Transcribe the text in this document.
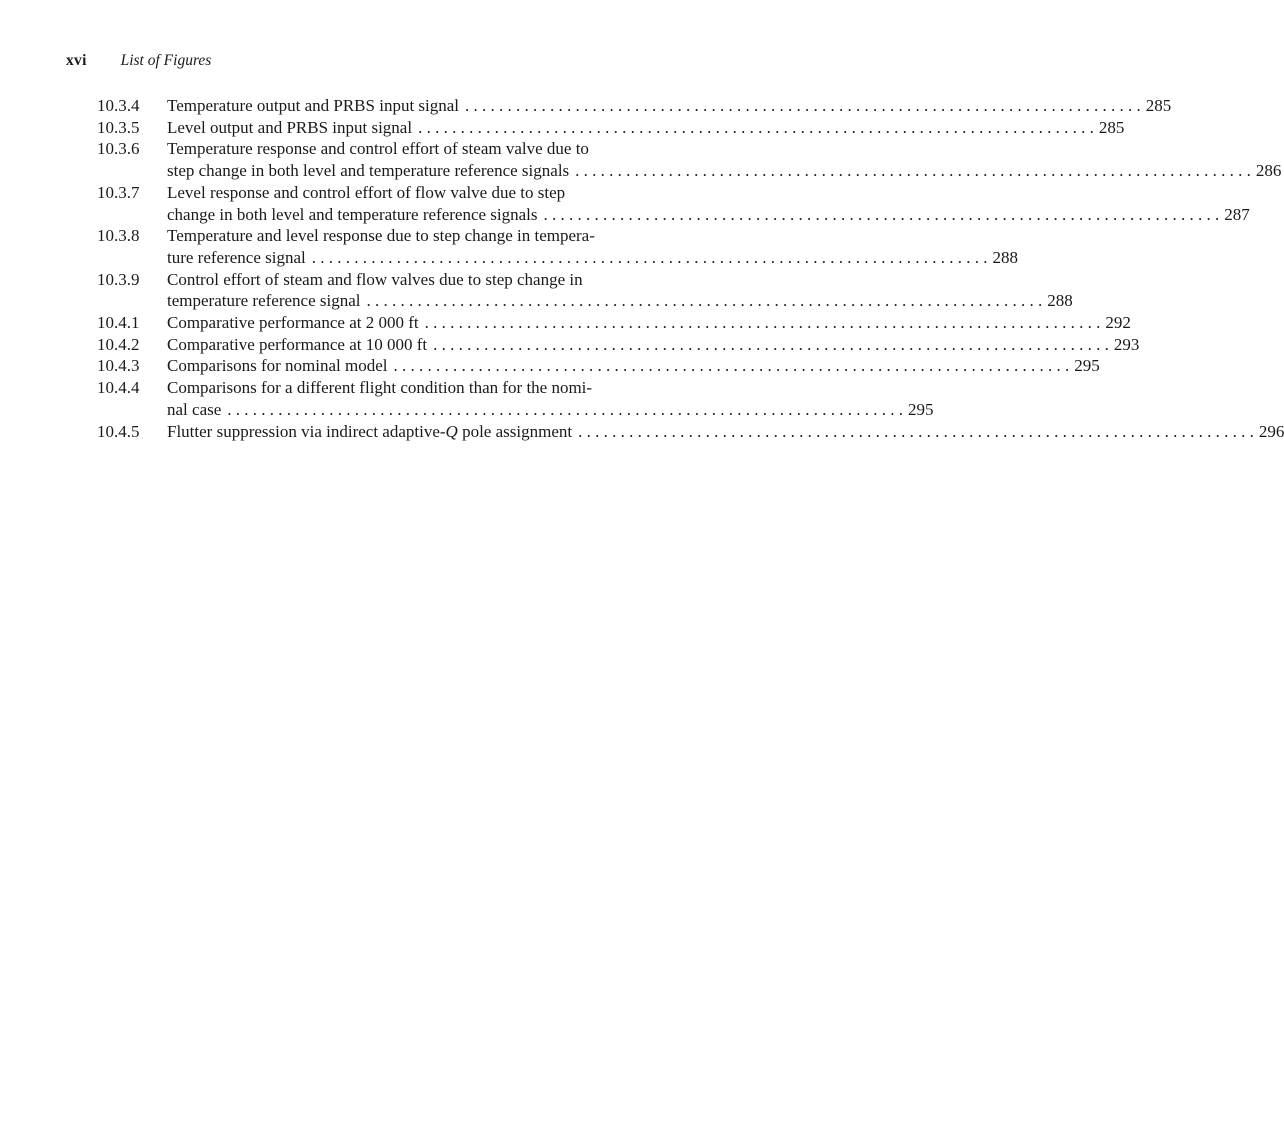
xvi List of Figures
10.3.4	Temperature output and PRBS input signal . . . . . . . . . . . . . . . . . . . . . . . . . . . . . . . . . . . . . . . . . . . . . . . . . . . . . . . . . . . . . . . . . . . . . . . . . . . . . . . . 285
10.3.5	Level output and PRBS input signal . . . . . . . . . . . . . . . . . . . . . . . . . . . . . . . . . . . . . . . . . . . . . . . . . . . . . . . . . . . . . . . . . . . . . . . . . . . . . . . . 285
10.3.6	Temperature response and control effort of steam valve due to
step change in both level and temperature reference signals . . . . . . . . . . . . . . . . . . . . . . . . . . . . . . . . . . . . . . . . . . . . . . . . . . . . . . . . . . . . . . . . . . . . . . . . . . . . . . . . 286
10.3.7	Level response and control effort of flow valve due to step
change in both level and temperature reference signals . . . . . . . . . . . . . . . . . . . . . . . . . . . . . . . . . . . . . . . . . . . . . . . . . . . . . . . . . . . . . . . . . . . . . . . . . . . . . . . . 287
10.3.8	Temperature and level response due to step change in tempera-
ture reference signal . . . . . . . . . . . . . . . . . . . . . . . . . . . . . . . . . . . . . . . . . . . . . . . . . . . . . . . . . . . . . . . . . . . . . . . . . . . . . . . . 288
10.3.9	Control effort of steam and flow valves due to step change in
temperature reference signal . . . . . . . . . . . . . . . . . . . . . . . . . . . . . . . . . . . . . . . . . . . . . . . . . . . . . . . . . . . . . . . . . . . . . . . . . . . . . . . . 288
10.4.1	Comparative performance at 2 000 ft . . . . . . . . . . . . . . . . . . . . . . . . . . . . . . . . . . . . . . . . . . . . . . . . . . . . . . . . . . . . . . . . . . . . . . . . . . . . . . . . 292
10.4.2	Comparative performance at 10 000 ft . . . . . . . . . . . . . . . . . . . . . . . . . . . . . . . . . . . . . . . . . . . . . . . . . . . . . . . . . . . . . . . . . . . . . . . . . . . . . . . . 293
10.4.3	Comparisons for nominal model . . . . . . . . . . . . . . . . . . . . . . . . . . . . . . . . . . . . . . . . . . . . . . . . . . . . . . . . . . . . . . . . . . . . . . . . . . . . . . . . 295
10.4.4	Comparisons for a different flight condition than for the nomi-
nal case . . . . . . . . . . . . . . . . . . . . . . . . . . . . . . . . . . . . . . . . . . . . . . . . . . . . . . . . . . . . . . . . . . . . . . . . . . . . . . . . 295
10.4.5	Flutter suppression via indirect adaptive-Q pole assignment . . . . . . . . . . . . . . . . . . . . . . . . . . . . . . . . . . . . . . . . . . . . . . . . . . . . . . . . . . . . . . . . . . . . . . . . . . . . . . . . 296
